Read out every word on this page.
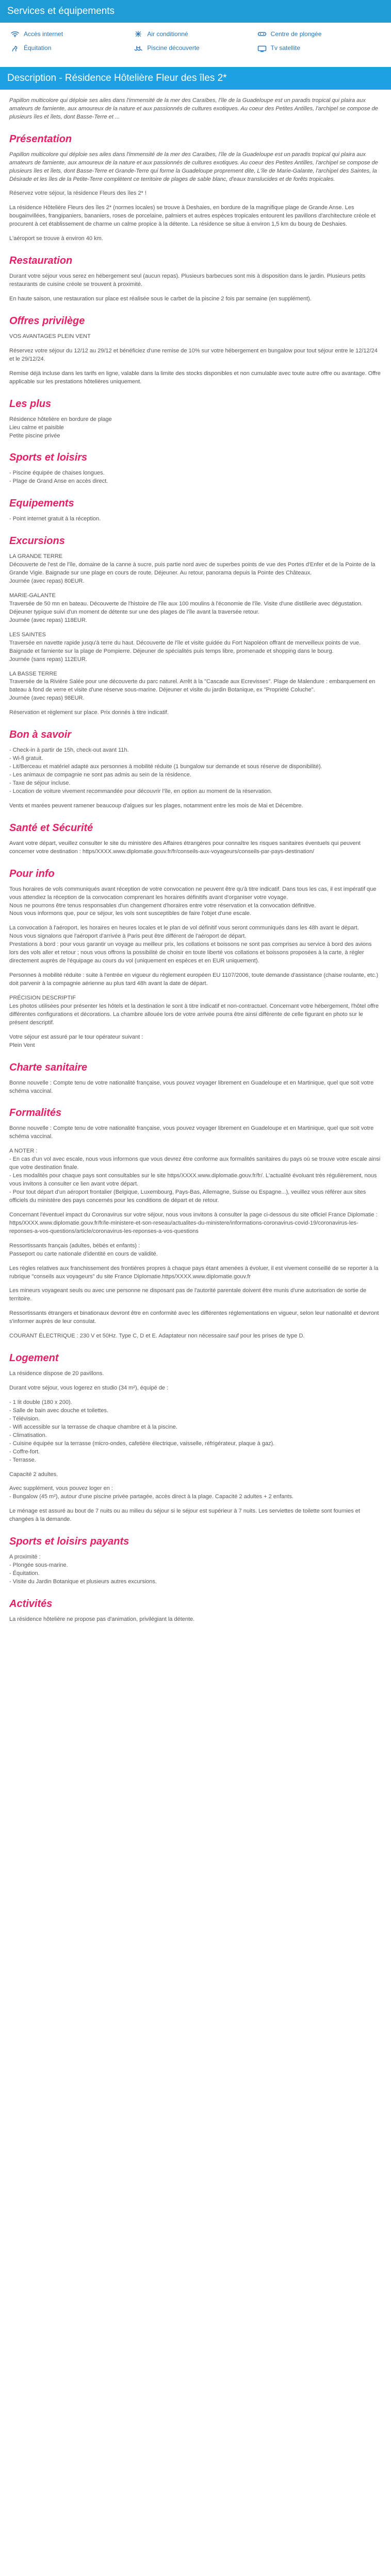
Services et équipements
Accès internet	Air conditionné	Centre de plongée
Équitation	Piscine découverte	Tv satellite
Description - Résidence Hôtelière Fleur des îles 2*

Papillon multicolore qui déploie ses ailes dans l'immensité de la mer des Caraïbes, l'île de la Guadeloupe est un paradis tropical qui plaira aux amateurs de farniente, aux amoureux de la nature et aux passionnés de cultures exotiques. Au coeur des Petites Antilles, l'archipel se compose de plusieurs îles et îlets, dont Basse-Terre et ...

Présentation

Papillon multicolore qui déploie ses ailes dans l'immensité de la mer des Caraïbes, l'île de la Guadeloupe est un paradis tropical qui plaira aux amateurs de farniente, aux amoureux de la nature et aux passionnés de cultures exotiques. Au coeur des Petites Antilles, l'archipel se compose de plusieurs îles et îlets, dont Basse-Terre et Grande-Terre qui forme la Guadeloupe proprement dite, L'île de Marie-Galante, l'archipel des Saintes, la Désirade et les îles de la Petite-Terre complètent ce territoire de plages de sable blanc, d'eaux translucides et de forêts tropicales.

Réservez votre séjour, la résidence Fleurs des îles 2* !

La résidence Hôtelière Fleurs des îles 2* (normes locales) se trouve à Deshaies, en bordure de la magnifique plage de Grande Anse. Les bougainvillées, frangipaniers, bananiers, roses de porcelaine, palmiers et autres espèces tropicales entourent les pavillons d'architecture créole et procurent à cet établissement de charme un calme propice à la détente. La résidence se situe à environ 1,5 km du bourg de Deshaies.

L'aéroport se trouve à environ 40 km.

Restauration

Durant votre séjour vous serez en hébergement seul (aucun repas). Plusieurs barbecues sont mis à disposition dans le jardin. Plusieurs petits restaurants de cuisine créole se trouvent à proximité.

En haute saison, une restauration sur place est réalisée sous le carbet de la piscine 2 fois par semaine (en supplément).

Offres privilège

VOS AVANTAGES PLEIN VENT

Réservez votre séjour du 12/12 au 29/12 et bénéficiez d'une remise de 10% sur votre hébergement en bungalow pour tout séjour entre le 12/12/24 et le 29/12/24.

Remise déjà incluse dans les tarifs en ligne, valable dans la limite des stocks disponibles et non cumulable avec toute autre offre ou avantage. Offre applicable sur les prestations hôtelières uniquement.

Les plus

Résidence hôtelière en bordure de plage
Lieu calme et paisible
Petite piscine privée

Sports et loisirs

- Piscine équipée de chaises longues.
- Plage de Grand Anse en accès direct.

Equipements

- Point internet gratuit à la réception.

Excursions

LA GRANDE TERRE
Découverte de l'est de l'île, domaine de la canne à sucre, puis partie nord avec de superbes points de vue des Portes d'Enfer et de la Pointe de la Grande Vigie. Baignade sur une plage en cours de route. Déjeuner. Au retour, panorama depuis la Pointe des Châteaux.
Journée (avec repas) 80EUR.

MARIE-GALANTE
Traversée de 50 mn en bateau. Découverte de l'histoire de l'île aux 100 moulins à l'économie de l'île. Visite d'une distillerie avec dégustation. Déjeuner typique suivi d'un moment de détente sur une des plages de l'île avant la traversée retour.
Journée (avec repas) 118EUR.

LES SAINTES
Traversée en navette rapide jusqu'à terre du haut. Découverte de l'île et visite guidée du Fort Napoléon offrant de merveilleux points de vue. Baignade et farniente sur la plage de Pompierre. Déjeuner de spécialités puis temps libre, promenade et shopping dans le bourg.
Journée (sans repas) 112EUR.

LA BASSE TERRE
Traversée de la Rivière Salée pour une découverte du parc naturel. Arrêt à la "Cascade aux Ecrevisses". Plage de Malendure : embarquement en bateau à fond de verre et visite d'une réserve sous-marine. Déjeuner et visite du jardin Botanique, ex "Propriété Coluche".
Journée (avec repas) 98EUR.

Réservation et règlement sur place. Prix donnés à titre indicatif.

Bon à savoir

- Check-in à partir de 15h, check-out avant 11h.
- Wi-fi gratuit.
- Lit/Berceau et matériel adapté aux personnes à mobilité réduite (1 bungalow sur demande et sous réserve de disponibilité).
- Les animaux de compagnie ne sont pas admis au sein de la résidence.
- Taxe de séjour incluse.
- Location de voiture vivement recommandée pour découvrir l'île, en option au moment de la réservation.

Vents et marées peuvent ramener beaucoup d'algues sur les plages, notamment entre les mois de Mai et Décembre.

Santé et Sécurité

Avant votre départ, veuillez consulter le site du ministère des Affaires étrangères pour connaître les risques sanitaires éventuels qui peuvent concerner votre destination : https/XXXX.www.diplomatie.gouv.fr/fr/conseils-aux-voyageurs/conseils-par-pays-destination/

Pour info

Tous horaires de vols communiqués avant réception de votre convocation ne peuvent être qu'à titre indicatif. Dans tous les cas, il est impératif que vous attendiez la réception de la convocation comprenant les horaires définitifs avant d'organiser votre voyage.
Nous ne pourrons être tenus responsables d'un changement d'horaires entre votre réservation et la convocation définitive.
Nous vous informons que, pour ce séjour, les vols sont susceptibles de faire l'objet d'une escale.

La convocation à l'aéroport, les horaires en heures locales et le plan de vol définitif vous seront communiqués dans les 48h avant le départ.
Nous vous signalons que l'aéroport d'arrivée à Paris peut être différent de l'aéroport de départ.
Prestations à bord : pour vous garantir un voyage au meilleur prix, les collations et boissons ne sont pas comprises au service à bord des avions lors des vols aller et retour ; nous vous offrons la possibilité de choisir en toute liberté vos collations et boissons proposées à la carte, à régler directement auprès de l'équipage au cours du vol (uniquement en espèces et en EUR uniquement).

Personnes à mobilité réduite : suite à l'entrée en vigueur du règlement européen EU 1107/2006, toute demande d'assistance (chaise roulante, etc.) doit parvenir à la compagnie aérienne au plus tard 48h avant la date de départ.

PRÉCISION DESCRIPTIF
Les photos utilisées pour présenter les hôtels et la destination le sont à titre indicatif et non-contractuel. Concernant votre hébergement, l'hôtel offre différentes configurations et décorations. La chambre allouée lors de votre arrivée pourra être ainsi différente de celle figurant en photo sur le présent descriptif.

Votre séjour est assuré par le tour opérateur suivant :
Plein Vent

Charte sanitaire

Bonne nouvelle : Compte tenu de votre nationalité française, vous pouvez voyager librement en Guadeloupe et en Martinique, quel que soit votre schéma vaccinal.

Formalités

Bonne nouvelle : Compte tenu de votre nationalité française, vous pouvez voyager librement en Guadeloupe et en Martinique, quel que soit votre schéma vaccinal.

A NOTER :
- En cas d'un vol avec escale, nous vous informons que vous devrez être conforme aux formalités sanitaires du pays où se trouve votre escale ainsi que votre destination finale.
- Les modalités pour chaque pays sont consultables sur le site https/XXXX.www.diplomatie.gouv.fr/fr/. L'actualité évoluant très régulièrement, nous vous invitons à consulter ce lien avant votre départ.
- Pour tout départ d'un aéroport frontalier (Belgique, Luxembourg, Pays-Bas, Allemagne, Suisse ou Espagne...), veuillez vous référer aux sites officiels du ministère des pays concernés pour les conditions de départ et de retour.

Concernant l'éventuel impact du Coronavirus sur votre séjour, nous vous invitons à consulter la page ci-dessous du site officiel France Diplomatie :
https/XXXX.www.diplomatie.gouv.fr/fr/le-ministere-et-son-reseau/actualites-du-ministere/informations-coronavirus-covid-19/coronavirus-les-reponses-a-vos-questions/article/coronavirus-les-reponses-a-vos-questions

Ressortissants français (adultes, bébés et enfants) :
Passeport ou carte nationale d'identité en cours de validité.

Les règles relatives aux franchissement des frontières propres à chaque pays étant amenées à évoluer, il est vivement conseillé de se reporter à la rubrique "conseils aux voyageurs" du site France Diplomatie.https/XXXX.www.diplomatie.gouv.fr

Les mineurs voyageant seuls ou avec une personne ne disposant pas de l'autorité parentale doivent être munis d'une autorisation de sortie de territoire.

Ressortissants étrangers et binationaux devront être en conformité avec les différentes réglementations en vigueur, selon leur nationalité et devront s'informer auprès de leur consulat.

COURANT ÉLECTRIQUE : 230 V et 50Hz. Type C, D et E. Adaptateur non nécessaire sauf pour les prises de type D.

Logement

La résidence dispose de 20 pavillons.

Durant votre séjour, vous logerez en studio (34 m²), équipé de :

- 1 lit double (180 x 200).
- Salle de bain avec douche et toilettes.
- Télévision.
- Wifi accessible sur la terrasse de chaque chambre et à la piscine.
- Climatisation.
- Cuisine équipée sur la terrasse (micro-ondes, cafetière électrique, vaisselle, réfrigérateur, plaque à gaz).
- Coffre-fort.
- Terrasse.

Capacité 2 adultes.

Avec supplément, vous pouvez loger en :
- Bungalow (45 m²), autour d'une piscine privée partagée, accès direct à la plage. Capacité 2 adultes + 2 enfants.

Le ménage est assuré au bout de 7 nuits ou au milieu du séjour si le séjour est supérieur à 7 nuits. Les serviettes de toilette sont fournies et changées à la demande.

Sports et loisirs payants

A proximité :
- Plongée sous-marine.
- Équitation.
- Visite du Jardin Botanique et plusieurs autres excursions.

Activités

La résidence hôtelière ne propose pas d'animation, privilégiant la détente.
